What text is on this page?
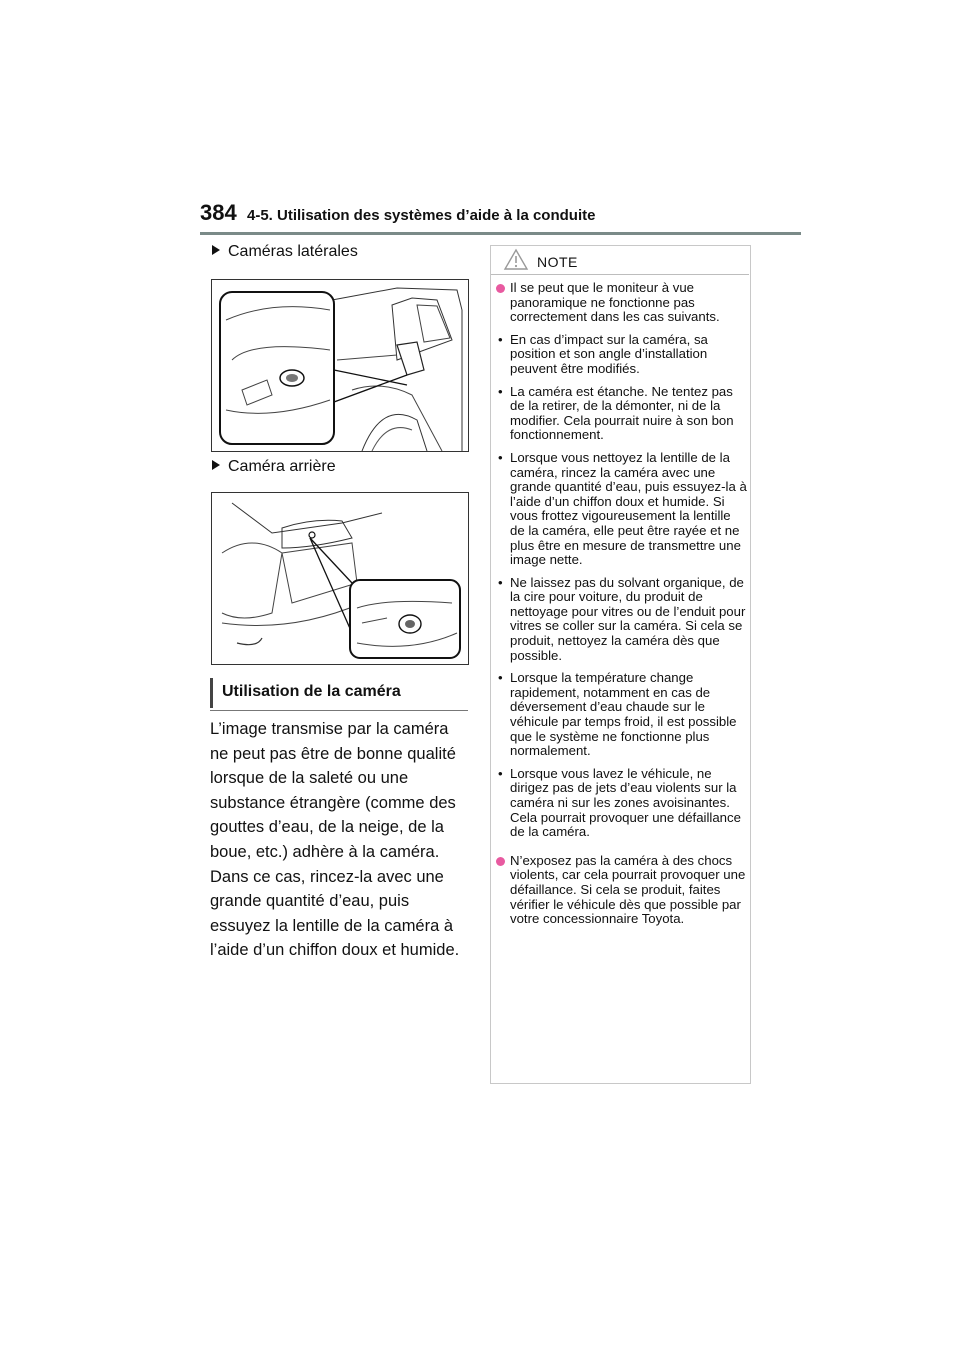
384 4-5. Utilisation des systèmes d’aide à la conduite
Caméras latérales
Caméra arrière
Utilisation de la caméra
L’image transmise par la caméra ne peut pas être de bonne qualité lorsque de la saleté ou une substance étrangère (comme des gouttes d’eau, de la neige, de la boue, etc.) adhère à la caméra. Dans ce cas, rincez-la avec une grande quantité d’eau, puis essuyez la lentille de la caméra à l’aide d’un chiffon doux et humide.
NOTE
Il se peut que le moniteur à vue panoramique ne fonctionne pas correctement dans les cas suivants.
• En cas d’impact sur la caméra, sa position et son angle d’installation peuvent être modifiés.
• La caméra est étanche. Ne tentez pas de la retirer, de la démonter, ni de la modifier. Cela pourrait nuire à son bon fonctionnement.
• Lorsque vous nettoyez la lentille de la caméra, rincez la caméra avec une grande quantité d’eau, puis essuyez-la à l’aide d’un chiffon doux et humide. Si vous frottez vigoureusement la lentille de la caméra, elle peut être rayée et ne plus être en mesure de transmettre une image nette.
• Ne laissez pas du solvant organique, de la cire pour voiture, du produit de nettoyage pour vitres ou de l’enduit pour vitres se coller sur la caméra. Si cela se produit, nettoyez la caméra dès que possible.
• Lorsque la température change rapidement, notamment en cas de déversement d’eau chaude sur le véhicule par temps froid, il est possible que le système ne fonctionne plus normalement.
• Lorsque vous lavez le véhicule, ne dirigez pas de jets d’eau violents sur la caméra ni sur les zones avoisinantes. Cela pourrait provoquer une défaillance de la caméra.
N’exposez pas la caméra à des chocs violents, car cela pourrait provoquer une défaillance. Si cela se produit, faites vérifier le véhicule dès que possible par votre concessionnaire Toyota.
